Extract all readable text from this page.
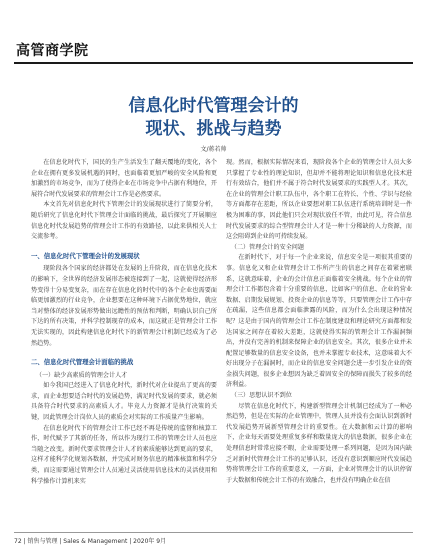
高管商学院
信息化时代管理会计的
现状、挑战与趋势
文/蒋若帅

在信息化时代下，国民的生产生活发生了翻天覆地的变化，各个企业在拥有更多发展机遇的同时，也面临着更加严峻的安全风险和更加激烈的市场竞争，而为了使得企业在市场竞争中占据有利地位，开展符合时代发展要求的管理会计工作是必然要求。

本文首先对信息化时代下管理会计的发展现状进行了简要分析，随后研究了信息化时代下管理会计面临的挑战，最后探究了开展顺应信息化时代发展趋势的管理会计工作的有效路径，以此来供相关人士交流参考。

一、信息化时代下管理会计的发展现状

现阶段各个国家的经济都处在发展的上升阶段，而在信息化技术的影响下，全世界的经济发展形态被连接到了一起，这就使得经济形势变得十分易变复杂，而在存在信息化的时代中的各个企业也需要面临更加激烈的行业竞争，企业想要在这种环境下占据优势地位，就应当对整体的经济发展形势做出远瞻性的预估和判断，明确认识自己所下达的所有决策，并科学控制现存的成本，而这就正是管理会计工作无法实现的，因此构建信息化时代下的新管理会计机制已经成为了必然趋势。

二、信息化时代管理会计面临的挑战
（一）缺少高素质的管理会计人才

如今我国已经进入了信息化时代，新时代对企业提出了更高的要求，而企业想要适合时代的发展趋势，满足时代发展的要求，就必须具备符合时代要求的高素质人才。毕竟人力资源才是执行决策的关键，因此管理会计岗位人员的素质会对实际的工作质量产生影响。

在信息化时代下的管理会计工作已经不再是传统的监督和核算工作，时代赋予了其新的任务，所以作为现行工作的管理会计人员也应当随之改变。新时代要求管理会计人才的素质能够达到更高的要求，这样才能科学化规划各数据，并完成对财务信息的精准核算和科学分类，而这需要通过管理会计人员通过灵活使用信息技术的灵活使用和科学操作计算机来实

现。然而，根据实际情况来看，现阶段各个企业的管理会计人员大多只掌握了专业性的理论知识，但却并不能将理论知识和信息化技术进行有效结合，他们并不属于符合时代发展要求的实践型人才。其次，在企业的管理会计职工队伍中，各个职工在特长、个性、学识与经验等方面都存在差距，所以企业要想对职工队伍进行系统培训时是一件极为困难的事，因此他们只会对现状放任不管，由此可见，符合信息时代发展要求的综合型管理会计人才是一种十分稀缺的人力资源，而这会阻碍到企业的可持续发展。

（二）管理会计的安全问题

在新时代下，对于每一个企业来说，信息安全是一项很其重要的事。信息化又和企业管理会计工作所产生的信息之间存在着紧密联系，这就意味着，企业的会计信息正面临着安全挑战。每个企业的管理会计工作都包含着十分重要的信息，比如客户的信息、企业的营业数据、启期发展规划、投资企业的信息等等，只要管理会计工作中存在疏漏，这些信息都会面临泄露的风险，而为什么会出现这种情况呢？这是由于国内的管理会计工作在制度建设和理论研究方面都和发达国家之间存在着较大差距，这就使得实际的管理会计工作漏洞频出，并没有完善的机制来保障企业的信息安全。其次，很多企业并未配置足够数量的信息安全设备，也并未掌握专业技术，这意味着大不好出现分子在漏洞时，而企业的信息安全问题会进一步引发企业的资金损失问题，很多企业想因为缺乏着固安全的保障而损失了较多的经济利益。

（三）思想认识不到位

尽管在信息化时代下，构建新型管理会计机制已经成为了一种必然趋势，但是在实际的企业管理中，管理人员并没有会面认识到新时代发展趋势开展新型管理会计的重要性。在大数据和云计算的影响下，企业每天需要处理重复多样和数量庞大的信息数据，很多企业在处理信息时常常应接不暇，企业需要处理一系列问题，是因为国内缺乏对新时代管理会计工作的足够认识，还没有意识到顺应时代发展趋势将管理会计工作的重要意义，一方面，企业对管理会计的认识停留于大数据和传统会计工作的有效融合，也并没有明确企业在信

72 | 销售与管理 | Sales & Management | 2020年 9月
